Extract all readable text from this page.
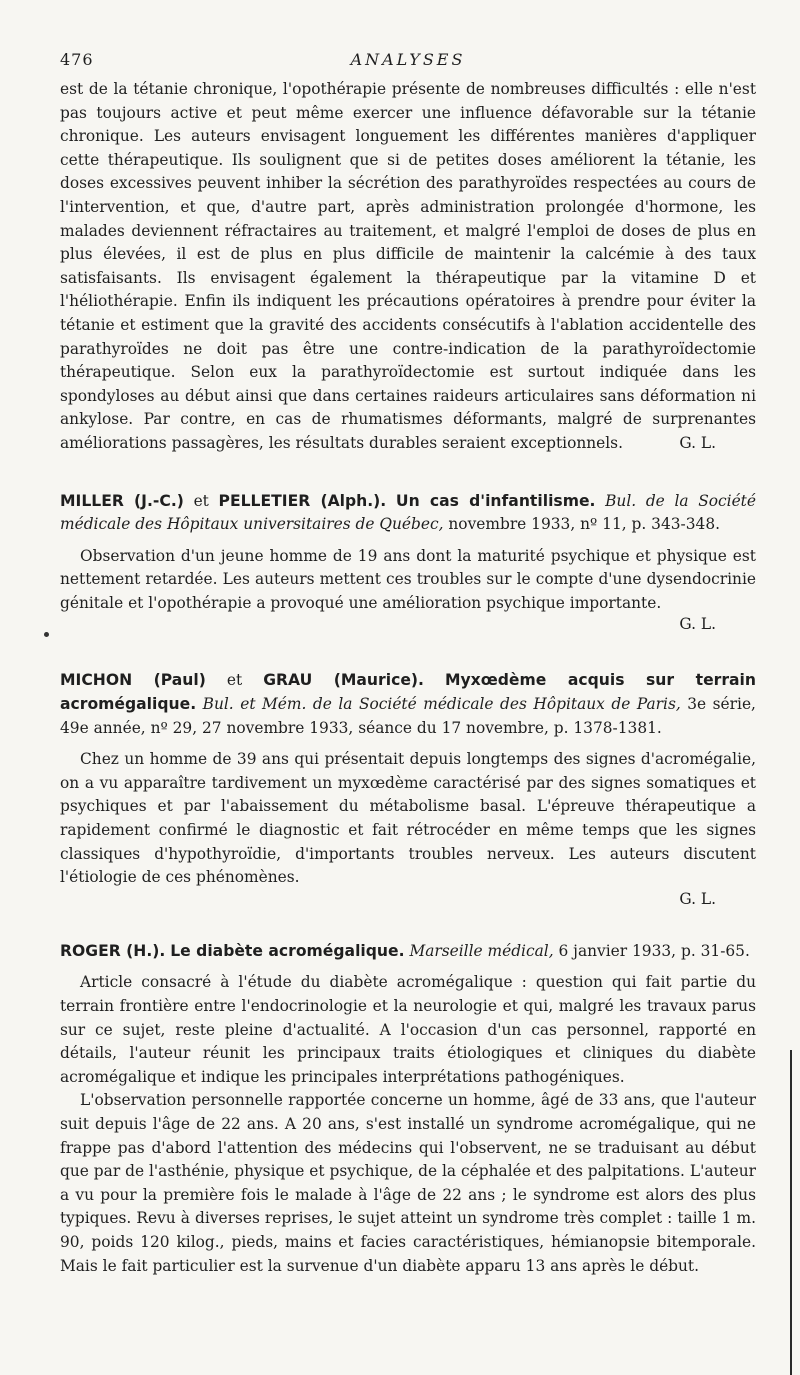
476	ANALYSES

est de la tétanie chronique, l'opothérapie présente de nombreuses difficultés : elle n'est pas toujours active et peut même exercer une influence défavorable sur la tétanie chronique. Les auteurs envisagent longuement les différentes manières d'appliquer cette thérapeutique. Ils soulignent que si de petites doses améliorent la tétanie, les doses excessives peuvent inhiber la sécrétion des parathyroïdes respectées au cours de l'intervention, et que, d'autre part, après administration prolongée d'hormone, les malades deviennent réfractaires au traitement, et malgré l'emploi de doses de plus en plus élevées, il est de plus en plus difficile de maintenir la calcémie à des taux satisfaisants. Ils envisagent également la thérapeutique par la vitamine D et l'héliothérapie. Enfin ils indiquent les précautions opératoires à prendre pour éviter la tétanie et estiment que la gravité des accidents consécutifs à l'ablation accidentelle des parathyroïdes ne doit pas être une contre-indication de la parathyroïdectomie thérapeutique. Selon eux la parathyroïdectomie est surtout indiquée dans les spondyloses au début ainsi que dans certaines raideurs articulaires sans déformation ni ankylose. Par contre, en cas de rhumatismes déformants, malgré de surprenantes améliorations passagères, les résultats durables seraient exceptionnels.	G. L.

MILLER (J.-C.) et PELLETIER (Alph.). Un cas d'infantilisme. Bul. de la Société médicale des Hôpitaux universitaires de Québec, novembre 1933, nº 11, p. 343-348.

Observation d'un jeune homme de 19 ans dont la maturité psychique et physique est nettement retardée. Les auteurs mettent ces troubles sur le compte d'une dysendocrinie génitale et l'opothérapie a provoqué une amélioration psychique importante.

G. L.
MICHON (Paul) et GRAU (Maurice). Myxœdème acquis sur terrain acromégalique. Bul. et Mém. de la Société médicale des Hôpitaux de Paris, 3e série, 49e année, nº 29, 27 novembre 1933, séance du 17 novembre, p. 1378-1381.

Chez un homme de 39 ans qui présentait depuis longtemps des signes d'acromégalie, on a vu apparaître tardivement un myxœdème caractérisé par des signes somatiques et psychiques et par l'abaissement du métabolisme basal. L'épreuve thérapeutique a rapidement confirmé le diagnostic et fait rétrocéder en même temps que les signes classiques d'hypothyroïdie, d'importants troubles nerveux. Les auteurs discutent l'étiologie de ces phénomènes.

G. L.
ROGER (H.). Le diabète acromégalique. Marseille médical, 6 janvier 1933, p. 31-65.

Article consacré à l'étude du diabète acromégalique : question qui fait partie du terrain frontière entre l'endocrinologie et la neurologie et qui, malgré les travaux parus sur ce sujet, reste pleine d'actualité. A l'occasion d'un cas personnel, rapporté en détails, l'auteur réunit les principaux traits étiologiques et cliniques du diabète acromégalique et indique les principales interprétations pathogéniques.

L'observation personnelle rapportée concerne un homme, âgé de 33 ans, que l'auteur suit depuis l'âge de 22 ans. A 20 ans, s'est installé un syndrome acromégalique, qui ne frappe pas d'abord l'attention des médecins qui l'observent, ne se traduisant au début que par de l'asthénie, physique et psychique, de la céphalée et des palpitations. L'auteur a vu pour la première fois le malade à l'âge de 22 ans ; le syndrome est alors des plus typiques. Revu à diverses reprises, le sujet atteint un syndrome très complet : taille 1 m. 90, poids 120 kilog., pieds, mains et facies caractéristiques, hémianopsie bitemporale. Mais le fait particulier est la survenue d'un diabète apparu 13 ans après le début.
